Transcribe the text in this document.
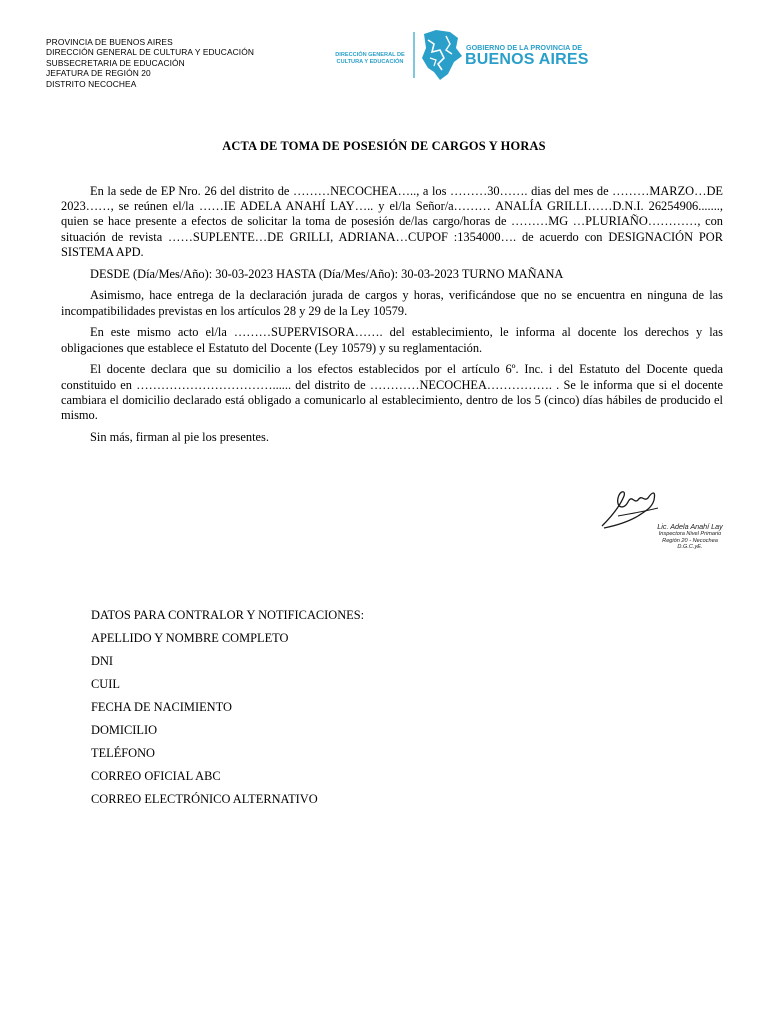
PROVINCIA DE BUENOS AIRES
DIRECCIÓN GENERAL DE CULTURA Y EDUCACIÓN
SUBSECRETARIA DE EDUCACIÓN
JEFATURA DE REGIÓN 20
DISTRITO NECOCHEA
DIRECCIÓN GENERAL DE
CULTURA Y EDUCACIÓN
GOBIERNO DE LA PROVINCIA DE
BUENOS AIRES
ACTA DE TOMA DE POSESIÓN DE CARGOS Y HORAS

En la sede de EP Nro. 26 del distrito de ………NECOCHEA….., a los ………30……. dias del mes de ………MARZO…DE 2023……, se reúnen el/la ……IE ADELA ANAHÍ LAY….. y el/la Señor/a……… ANALÍA GRILLI……D.N.I. 26254906......., quien se hace presente a efectos de solicitar la toma de posesión de/las cargo/horas de ………MG …PLURIAÑO…………, con situación de revista ……SUPLENTE…DE GRILLI, ADRIANA…CUPOF :1354000…. de acuerdo con DESIGNACIÓN POR SISTEMA APD.

DESDE (Día/Mes/Año): 30-03-2023 HASTA (Día/Mes/Año): 30-03-2023 TURNO MAÑANA

Asimismo, hace entrega de la declaración jurada de cargos y horas, verificándose que no se encuentra en ninguna de las incompatibilidades previstas en los artículos 28 y 29 de la Ley 10579.

En este mismo acto el/la ………SUPERVISORA……. del establecimiento, le informa al docente los derechos y las obligaciones que establece el Estatuto del Docente (Ley 10579) y su reglamentación.

El docente declara que su domicilio a los efectos establecidos por el artículo 6º. Inc. i del Estatuto del Docente queda constituido en ……………………………...... del distrito de …………NECOCHEA……………. . Se le informa que si el docente cambiara el domicilio declarado está obligado a comunicarlo al establecimiento, dentro de los 5 (cinco) días hábiles de producido el mismo.

Sin más, firman al pie los presentes.

Lic. Adela Anahí Lay
Inspectora Nivel Primario
Región 20 - Necochea
D.G.C.yE.
DATOS PARA CONTRALOR Y NOTIFICACIONES:
APELLIDO Y NOMBRE COMPLETO
DNI
CUIL
FECHA DE NACIMIENTO
DOMICILIO
TELÉFONO
CORREO OFICIAL ABC
CORREO ELECTRÓNICO ALTERNATIVO
